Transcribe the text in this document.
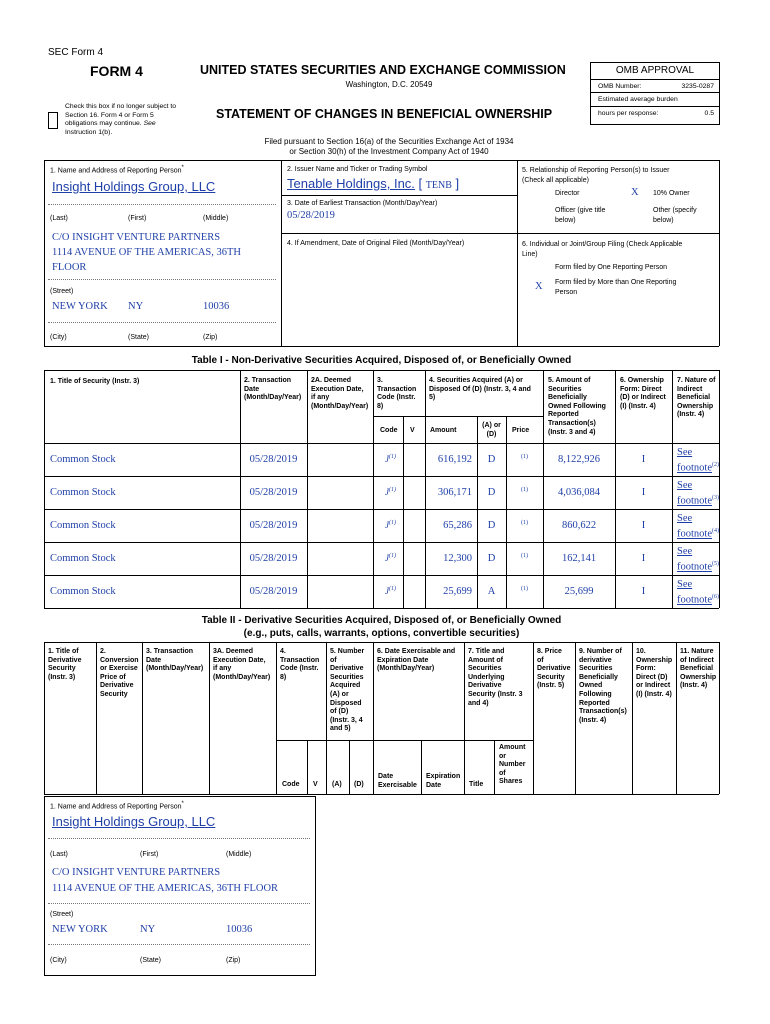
SEC Form 4
FORM 4	UNITED STATES SECURITIES AND EXCHANGE COMMISSION
Washington, D.C. 20549
Check this box if no longer subject to
Section 16. Form 4 or Form 5
obligations may continue. See
Instruction 1(b).
STATEMENT OF CHANGES IN BENEFICIAL OWNERSHIP
Filed pursuant to Section 16(a) of the Securities Exchange Act of 1934
or Section 30(h) of the Investment Company Act of 1940
OMB APPROVAL
OMB Number:	3235-0287
Estimated average burden
hours per response:	0.5
1. Name and Address of Reporting Person*
Insight Holdings Group, LLC
(Last)	(First)	(Middle)
C/O INSIGHT VENTURE PARTNERS
1114 AVENUE OF THE AMERICAS, 36TH
FLOOR
(Street)
NEW YORK NY	10036
(City)	(State)	(Zip)
2. Issuer Name and Ticker or Trading Symbol
Tenable Holdings, Inc. [ TENB ]
3. Date of Earliest Transaction (Month/Day/Year)
05/28/2019
4. If Amendment, Date of Original Filed (Month/Day/Year)
5. Relationship of Reporting Person(s) to Issuer
(Check all applicable)
Director	X 10% Owner
Officer (give title
below)
Other (specify
below)
6. Individual or Joint/Group Filing (Check Applicable
Line)
Form filed by One Reporting Person
X Form filed by More than One Reporting
Person
Table I - Non-Derivative Securities Acquired, Disposed of, or Beneficially Owned
1. Title of Security (Instr. 3)	2. Transaction
Date
(Month/Day/Year)
2A. Deemed
Execution Date,
if any
(Month/Day/Year)
3.
Transaction
Code (Instr.
8)
4. Securities Acquired (A) or
Disposed Of (D) (Instr. 3, 4 and
5)
5. Amount of
Securities
Beneficially
Owned Following
Reported
Transaction(s)
(Instr. 3 and 4)
6. Ownership
Form: Direct
(D) or Indirect
(I) (Instr. 4)
7. Nature of
Indirect
Beneficial
Ownership
(Instr. 4)
Code V Amount
(A) or
(D)
Price
Common Stock	05/28/2019	$J^{(1)}$	616,192	D	(1)	8,122,926	I
See
footnote$^{(2)}$
Common Stock	05/28/2019	$J^{(1)}$	306,171	D	(1)	4,036,084	I
See
footnote$^{(3)}$
Common Stock	05/28/2019	$J^{(1)}$	65,286	D	(1)	860,622	I
See
footnote$^{(4)}$
Common Stock	05/28/2019	$J^{(1)}$	12,300	D	(1)	162,141	I
See
footnote$^{(5)}$
Common Stock	05/28/2019	$J^{(1)}$	25,699	A	(1)	25,699	I
See
footnote$^{(6)}$
Table II - Derivative Securities Acquired, Disposed of, or Beneficially Owned
(e.g., puts, calls, warrants, options, convertible securities)
1. Title of
Derivative
Security
(Instr. 3)
2.
Conversion
or Exercise
Price of
Derivative
Security
3. Transaction
Date
(Month/Day/Year)
3A. Deemed
Execution Date,
if any
(Month/Day/Year)
4.
Transaction
Code (Instr.
8)
5. Number
of
Derivative
Securities
Acquired
(A) or
Disposed
of (D)
(Instr. 3, 4
and 5)
6. Date Exercisable and
Expiration Date
(Month/Day/Year)
7. Title and
Amount of
Securities
Underlying
Derivative
Security (Instr. 3
and 4)
8. Price
of
Derivative
Security
(Instr. 5)
9. Number of
derivative
Securities
Beneficially
Owned
Following
Reported
Transaction(s)
(Instr. 4)
10.
Ownership
Form:
Direct (D)
or Indirect
(I) (Instr. 4)
11. Nature
of Indirect
Beneficial
Ownership
(Instr. 4)
Code V (A) (D)
Date
Exercisable
Expiration
Date	Title
Amount
or
Number
of
Shares
1. Name and Address of Reporting Person*
Insight Holdings Group, LLC
(Last)	(First)	(Middle)
C/O INSIGHT VENTURE PARTNERS
1114 AVENUE OF THE AMERICAS, 36TH FLOOR
(Street)
NEW YORK	NY	10036
(City)	(State)	(Zip)
